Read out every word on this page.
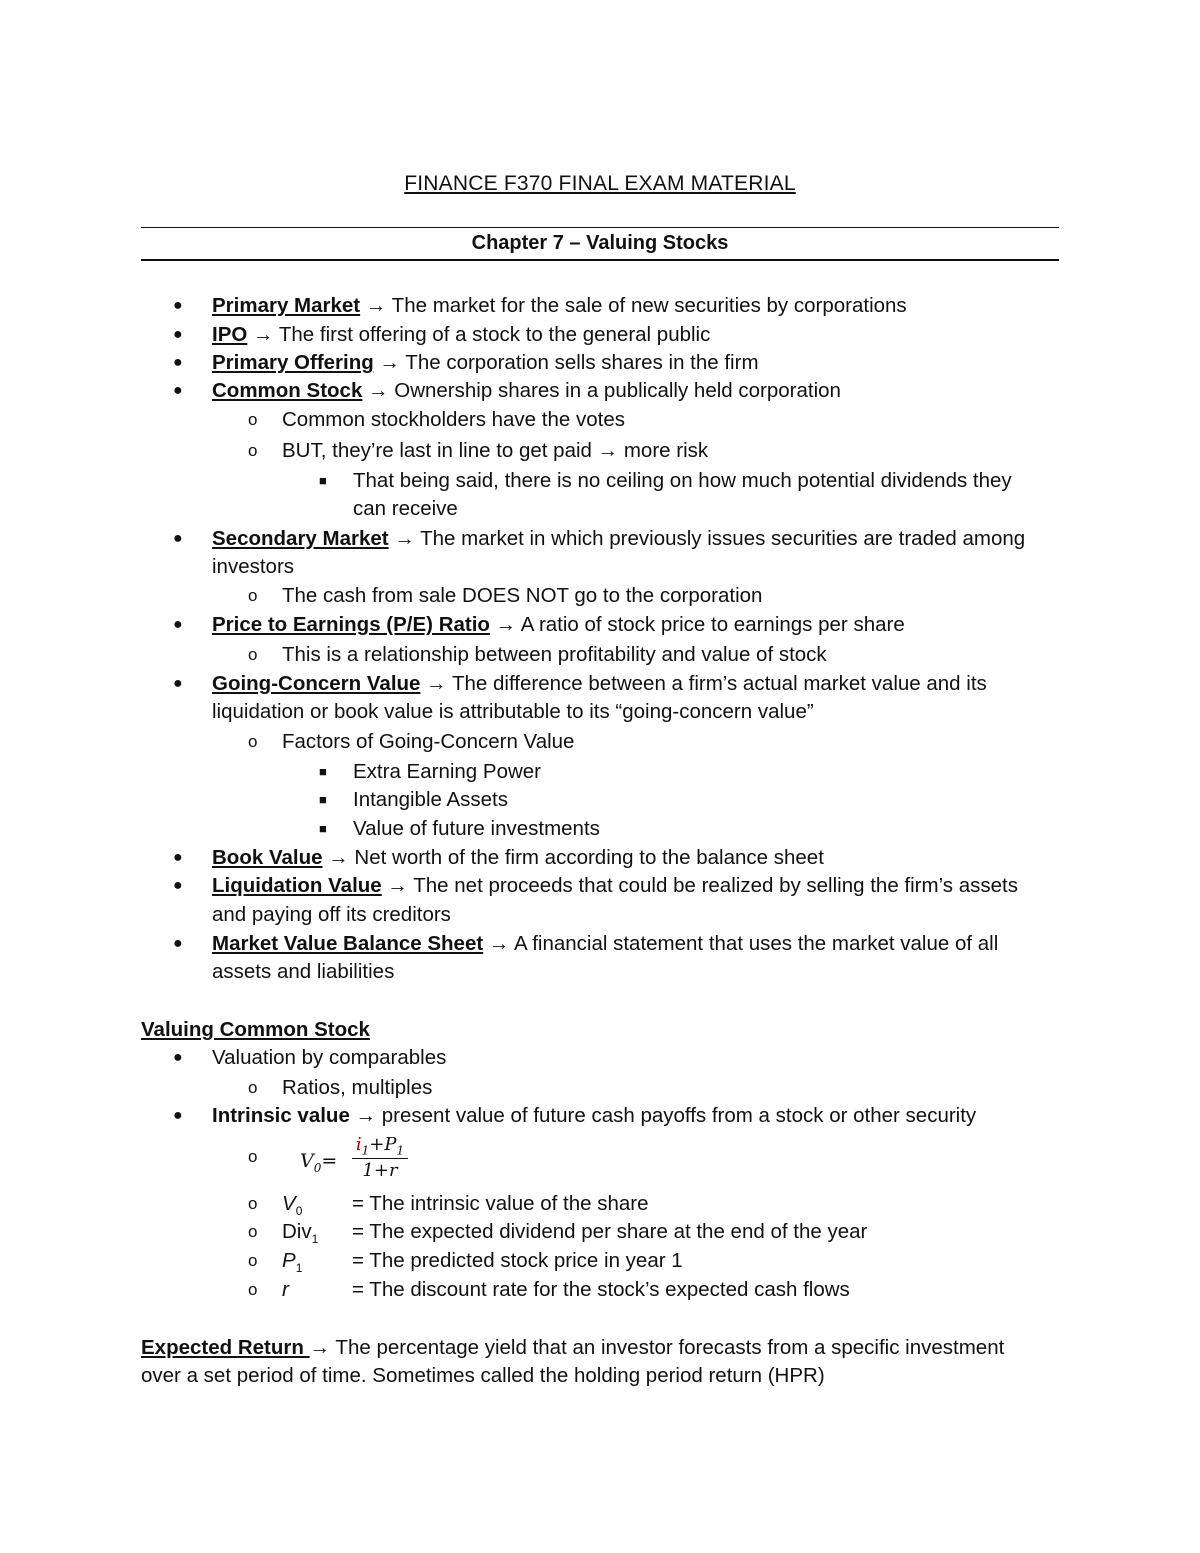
FINANCE F370 FINAL EXAM MATERIAL
Chapter 7 – Valuing Stocks
● Primary Market → The market for the sale of new securities by corporations
● IPO → The first offering of a stock to the general public
● Primary Offering → The corporation sells shares in the firm
● Common Stock → Ownership shares in a publically held corporation
o Common stockholders have the votes
o BUT, they’re last in line to get paid → more risk
■ That being said, there is no ceiling on how much potential dividends they
can receive
● Secondary Market → The market in which previously issues securities are traded among
investors
o The cash from sale DOES NOT go to the corporation
● Price to Earnings (P/E) Ratio → A ratio of stock price to earnings per share
o This is a relationship between profitability and value of stock
● Going-Concern Value → The difference between a firm’s actual market value and its
liquidation or book value is attributable to its “going-concern value”
o Factors of Going-Concern Value
■ Extra Earning Power
■ Intangible Assets
■ Value of future investments
● Book Value → Net worth of the firm according to the balance sheet
● Liquidation Value → The net proceeds that could be realized by selling the firm’s assets
and paying off its creditors
● Market Value Balance Sheet → A financial statement that uses the market value of all
assets and liabilities
Valuing Common Stock
● Valuation by comparables
o Ratios, multiples
● Intrinsic value → present value of future cash payoffs from a stock or other security
o $V_0= \frac{i_1+P_1}{1+r}$
o $V_0$ = The intrinsic value of the share
o Div$_1$ = The expected dividend per share at the end of the year
o $P_1$ = The predicted stock price in year 1
o r	= The discount rate for the stock’s expected cash flows
Expected Return → The percentage yield that an investor forecasts from a specific investment
over a set period of time. Sometimes called the holding period return (HPR)
